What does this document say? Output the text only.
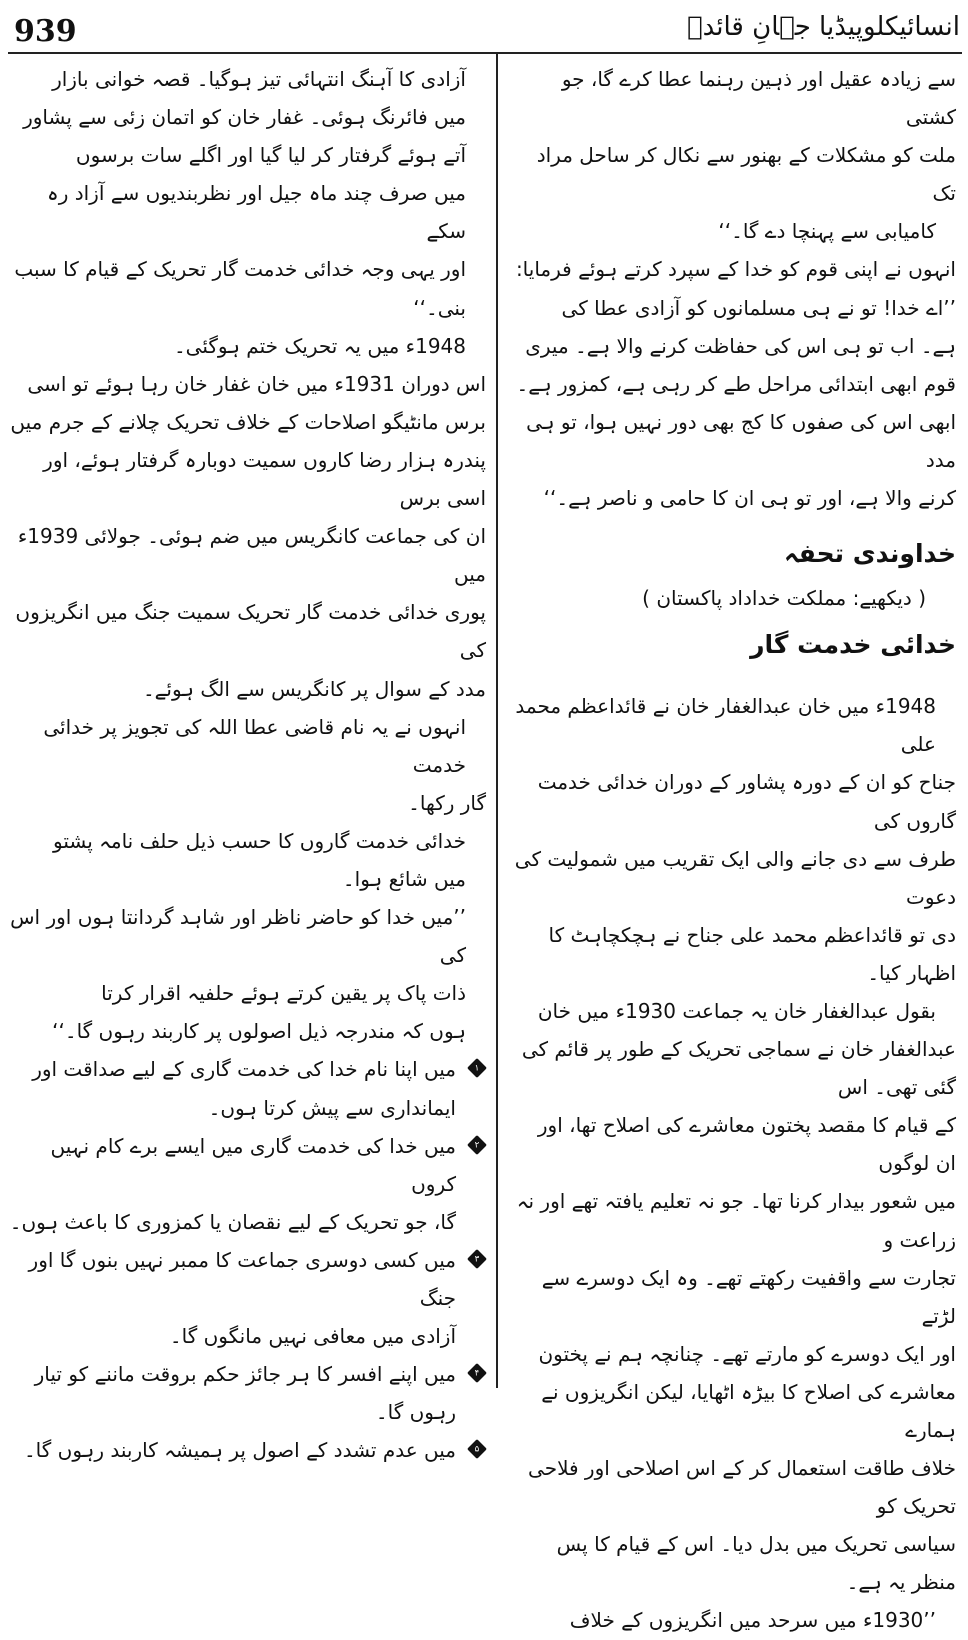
939	انسائیکلوپیڈیا جہانِ قائدؒ

سے زیادہ عقیل اور ذہین رہنما عطا کرے گا، جو کشتی

ملت کو مشکلات کے بھنور سے نکال کر ساحل مراد تک

کامیابی سے پہنچا دے گا۔‘‘

انہوں نے اپنی قوم کو خدا کے سپرد کرتے ہوئے فرمایا:

’’اے خدا! تو نے ہی مسلمانوں کو آزادی عطا کی

ہے۔ اب تو ہی اس کی حفاظت کرنے والا ہے۔ میری

قوم ابھی ابتدائی مراحل طے کر رہی ہے، کمزور ہے۔

ابھی اس کی صفوں کا کج بھی دور نہیں ہوا، تو ہی مدد

کرنے والا ہے، اور تو ہی ان کا حامی و ناصر ہے۔‘‘

خداوندی تحفہ

( دیکھیے: مملکت خداداد پاکستان )

خدائی خدمت گار

1948ء میں خان عبدالغفار خان نے قائداعظم محمد علی

جناح کو ان کے دورہ پشاور کے دوران خدائی خدمت گاروں کی

طرف سے دی جانے والی ایک تقریب میں شمولیت کی دعوت

دی تو قائداعظم محمد علی جناح نے ہچکچاہٹ کا اظہار کیا۔

بقول عبدالغفار خان یہ جماعت 1930ء میں خان

عبدالغفار خان نے سماجی تحریک کے طور پر قائم کی گئی تھی۔ اس

کے قیام کا مقصد پختون معاشرے کی اصلاح تھا، اور ان لوگوں

میں شعور بیدار کرنا تھا۔ جو نہ تعلیم یافتہ تھے اور نہ زراعت و

تجارت سے واقفیت رکھتے تھے۔ وہ ایک دوسرے سے لڑتے

اور ایک دوسرے کو مارتے تھے۔ چنانچہ ہم نے پختون

معاشرے کی اصلاح کا بیڑہ اٹھایا، لیکن انگریزوں نے ہمارے

خلاف طاقت استعمال کر کے اس اصلاحی اور فلاحی تحریک کو

سیاسی تحریک میں بدل دیا۔ اس کے قیام کا پس منظر یہ ہے۔

’’1930ء میں سرحد میں انگریزوں کے خلاف

آزادی کا آہنگ انتہائی تیز ہوگیا۔ قصہ خوانی بازار

میں فائرنگ ہوئی۔ غفار خان کو اتمان زئی سے پشاور

آتے ہوئے گرفتار کر لیا گیا اور اگلے سات برسوں

میں صرف چند ماہ جیل اور نظربندیوں سے آزاد رہ سکے

اور یہی وجہ خدائی خدمت گار تحریک کے قیام کا سبب

بنی۔‘‘

1948ء میں یہ تحریک ختم ہوگئی۔

اس دوران 1931ء میں خان غفار خان رہا ہوئے تو اسی

برس مانٹیگو اصلاحات کے خلاف تحریک چلانے کے جرم میں

پندرہ ہزار رضا کاروں سمیت دوبارہ گرفتار ہوئے، اور اسی برس

ان کی جماعت کانگریس میں ضم ہوئی۔ جولائی 1939ء میں

پوری خدائی خدمت گار تحریک سمیت جنگ میں انگریزوں کی

مدد کے سوال پر کانگریس سے الگ ہوئے۔

انہوں نے یہ نام قاضی عطا اللہ کی تجویز پر خدائی خدمت

گار رکھا۔

خدائی خدمت گاروں کا حسب ذیل حلف نامہ پشتو

میں شائع ہوا۔

’’میں خدا کو حاضر ناظر اور شاہد گردانتا ہوں اور اس کی

ذات پاک پر یقین کرتے ہوئے حلفیہ اقرار کرتا

ہوں کہ مندرجہ ذیل اصولوں پر کاربند رہوں گا۔‘‘

۱

میں اپنا نام خدا کی خدمت گاری کے لیے صداقت اور

ایمانداری سے پیش کرتا ہوں۔

۲

میں خدا کی خدمت گاری میں ایسے برے کام نہیں کروں

گا، جو تحریک کے لیے نقصان یا کمزوری کا باعث ہوں۔

۳

میں کسی دوسری جماعت کا ممبر نہیں بنوں گا اور جنگ

آزادی میں معافی نہیں مانگوں گا۔

۴

میں اپنے افسر کا ہر جائز حکم بروقت ماننے کو تیار رہوں گا۔

۵

میں عدم تشدد کے اصول پر ہمیشہ کاربند رہوں گا۔
